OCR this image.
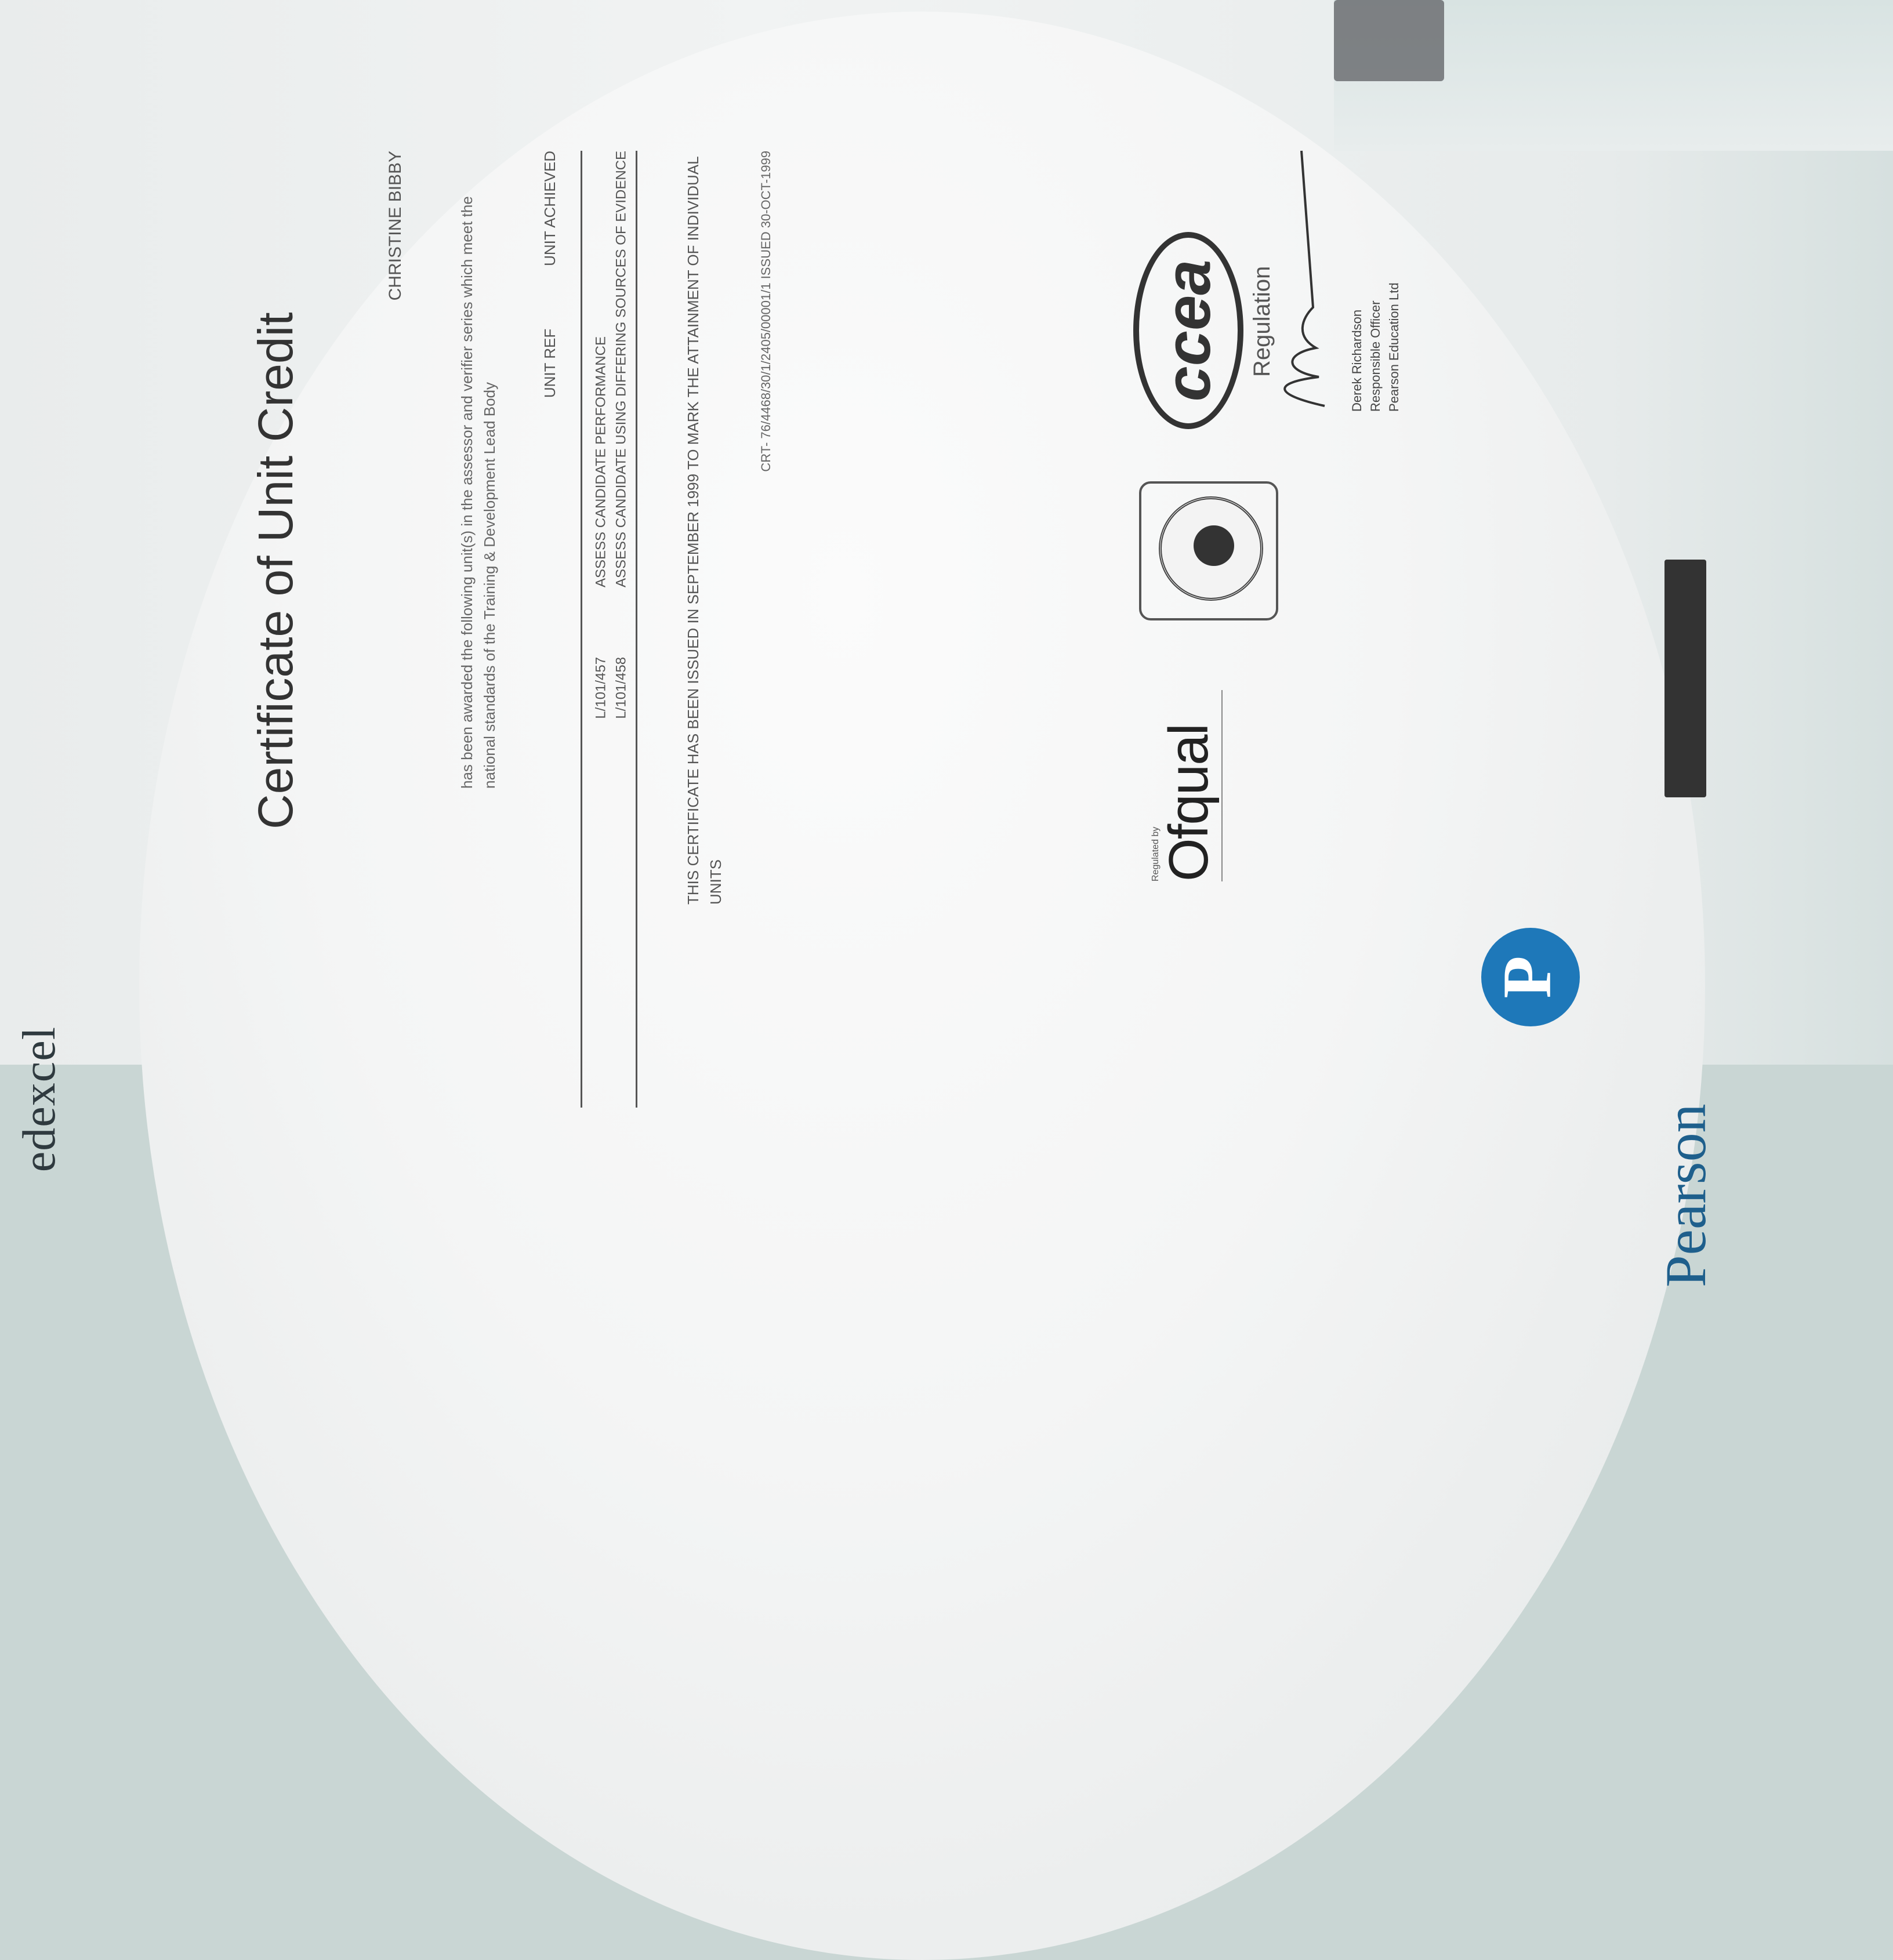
edexcel
Certificate of Unit Credit
CHRISTINE BIBBY	has been awarded the following unit(s) in the assessor and verifier series which meet the national standards of the Training & Development Lead Body
UNIT REF UNIT ACHIEVED
L/101/457 ASSESS CANDIDATE PERFORMANCE
L/101/458 ASSESS CANDIDATE USING DIFFERING SOURCES OF EVIDENCE	THIS CERTIFICATE HAS BEEN ISSUED IN SEPTEMBER 1999 TO MARK THE ATTAINMENT OF INDIVIDUAL UNITS
CRT- 76/4468/30/1/2405/00001/1 ISSUED 30-OCT-1999
Regulated by
Ofqual
ccea	Regulation	Derek Richardson Responsible Officer Pearson Education Ltd
P
Pearson
